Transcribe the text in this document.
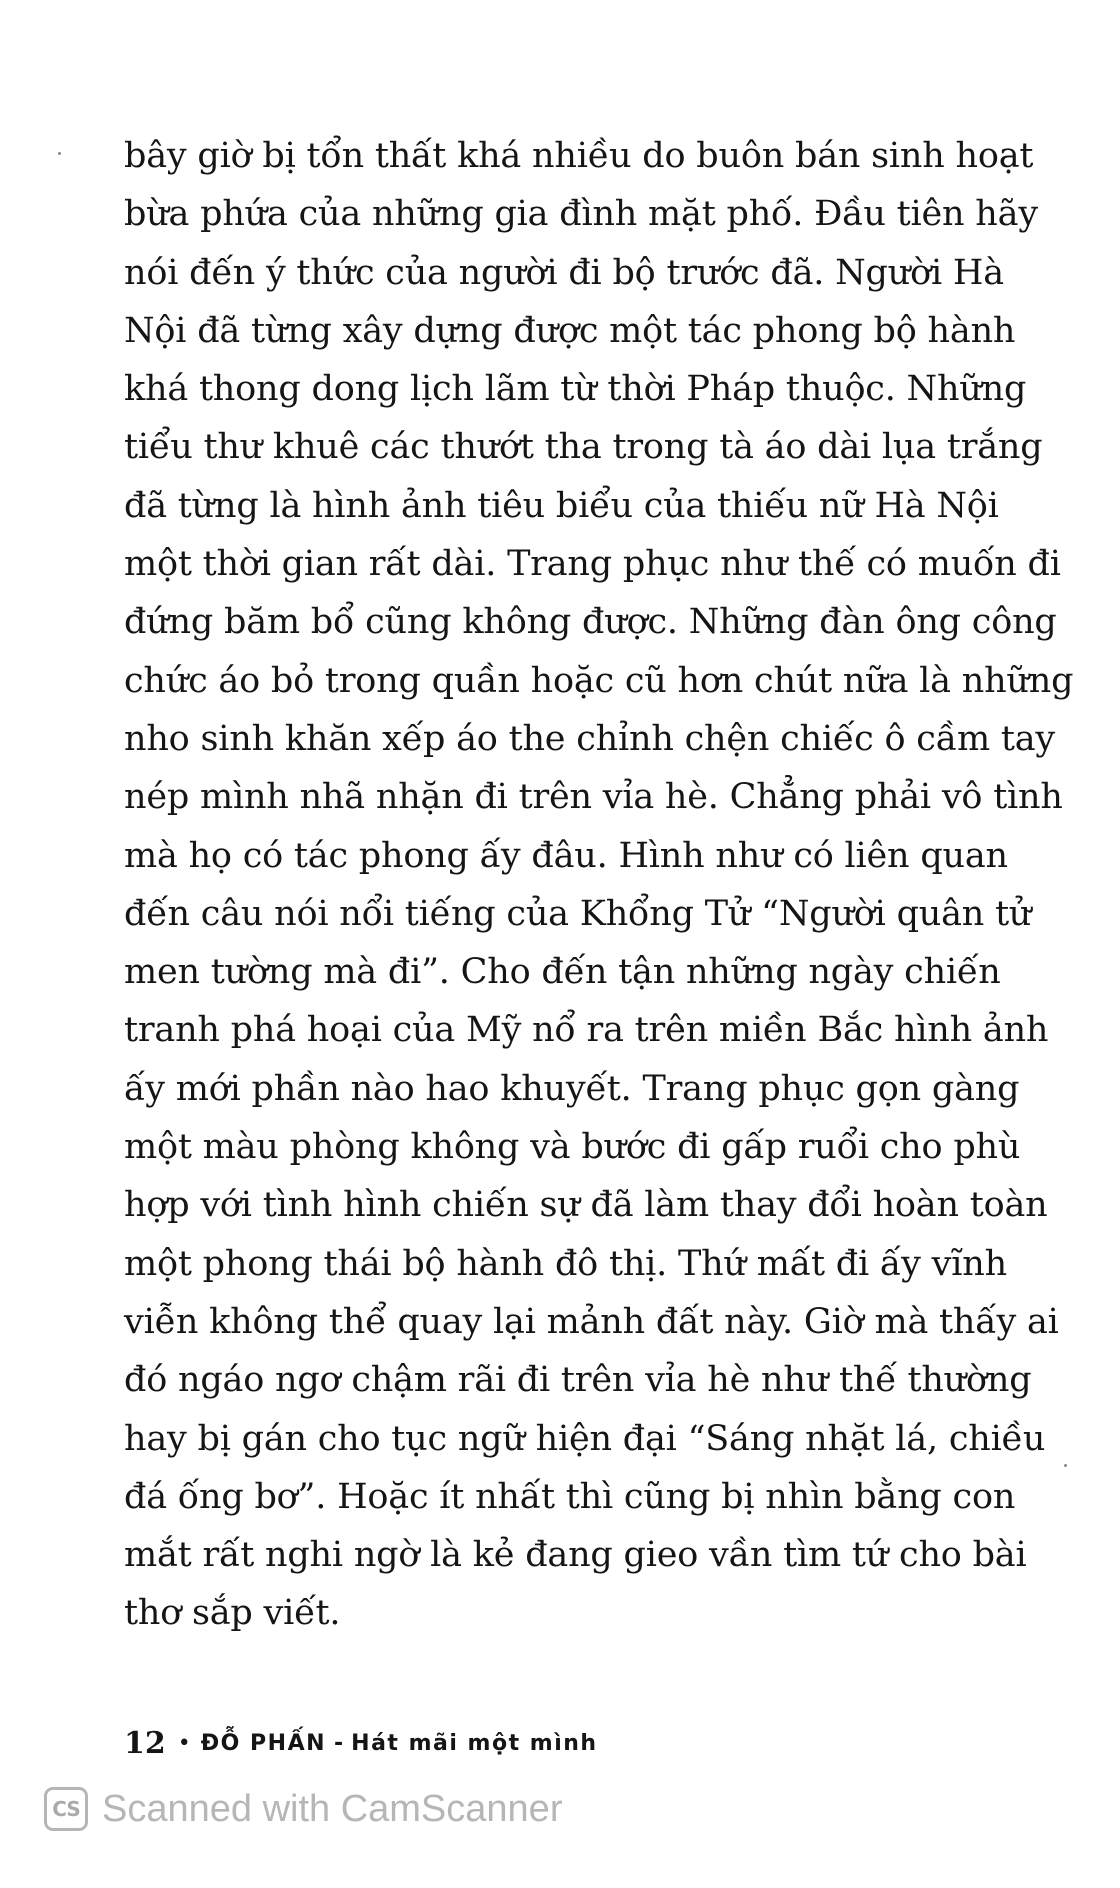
bây giờ bị tổn thất khá nhiều do buôn bán sinh hoạt
bừa phứa của những gia đình mặt phố. Đầu tiên hãy
nói đến ý thức của người đi bộ trước đã. Người Hà
Nội đã từng xây dựng được một tác phong bộ hành
khá thong dong lịch lãm từ thời Pháp thuộc. Những
tiểu thư khuê các thướt tha trong tà áo dài lụa trắng
đã từng là hình ảnh tiêu biểu của thiếu nữ Hà Nội
một thời gian rất dài. Trang phục như thế có muốn đi
đứng băm bổ cũng không được. Những đàn ông công
chức áo bỏ trong quần hoặc cũ hơn chút nữa là những
nho sinh khăn xếp áo the chỉnh chện chiếc ô cầm tay
nép mình nhã nhặn đi trên vỉa hè. Chẳng phải vô tình
mà họ có tác phong ấy đâu. Hình như có liên quan
đến câu nói nổi tiếng của Khổng Tử “Người quân tử
men tường mà đi”. Cho đến tận những ngày chiến
tranh phá hoại của Mỹ nổ ra trên miền Bắc hình ảnh
ấy mới phần nào hao khuyết. Trang phục gọn gàng
một màu phòng không và bước đi gấp ruổi cho phù
hợp với tình hình chiến sự đã làm thay đổi hoàn toàn
một phong thái bộ hành đô thị. Thứ mất đi ấy vĩnh
viễn không thể quay lại mảnh đất này. Giờ mà thấy ai
đó ngáo ngơ chậm rãi đi trên vỉa hè như thế thường
hay bị gán cho tục ngữ hiện đại “Sáng nhặt lá, chiều
đá ống bơ”. Hoặc ít nhất thì cũng bị nhìn bằng con
mắt rất nghi ngờ là kẻ đang gieo vần tìm tứ cho bài
thơ sắp viết.
12 • ĐỖ PHẤN - Hát mãi một mình
CS Scanned with CamScanner
